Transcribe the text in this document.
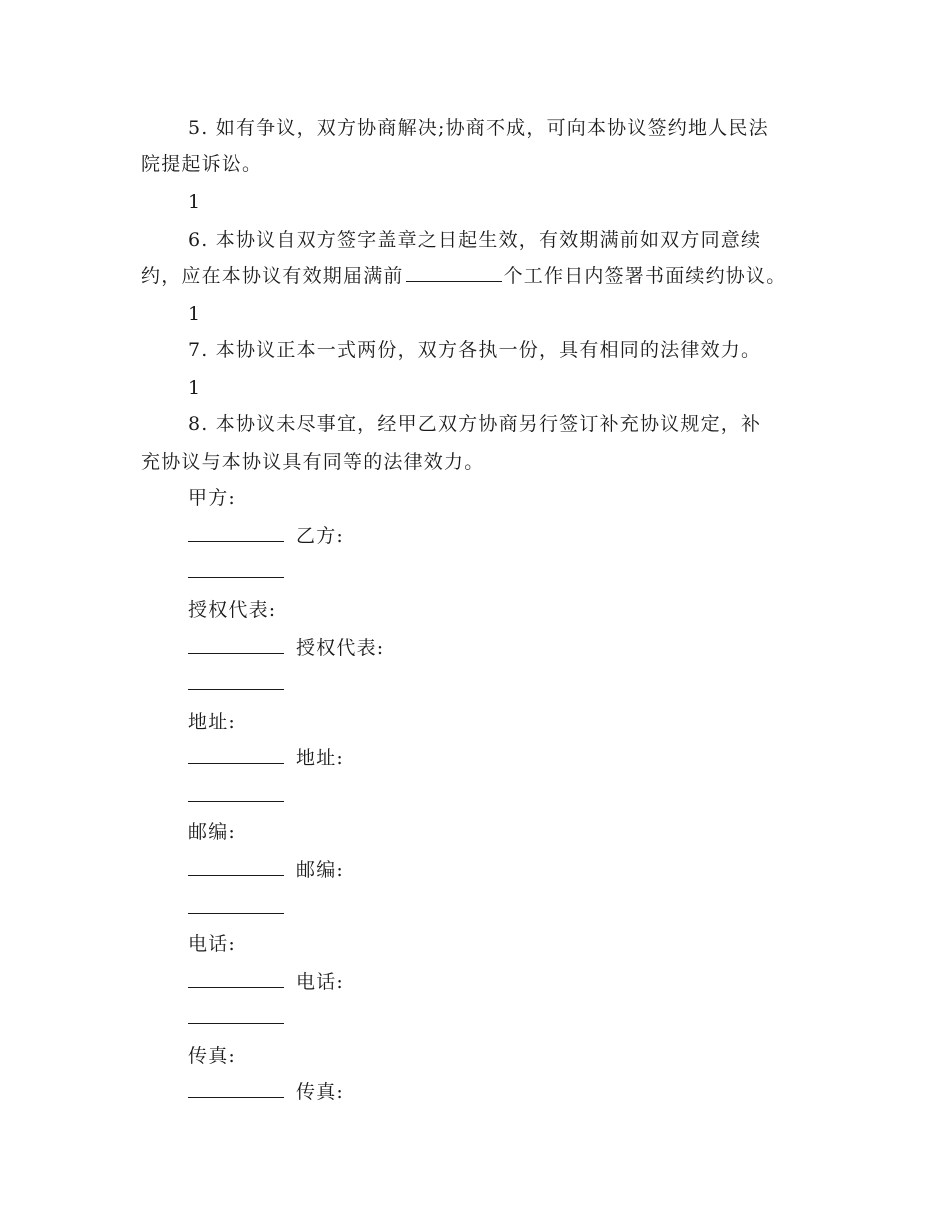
5. 如有争议，双方协商解决;协商不成，可向本协议签约地人民法
院提起诉讼。
1
6. 本协议自双方签字盖章之日起生效，有效期满前如双方同意续
约，应在本协议有效期届满前	个工作日内签署书面续约协议。
1
7. 本协议正本一式两份，双方各执一份，具有相同的法律效力。
1
8. 本协议未尽事宜，经甲乙双方协商另行签订补充协议规定，补
充协议与本协议具有同等的法律效力。
甲方:
乙方:
授权代表:
授权代表:
地址:
地址:
邮编:
邮编:
电话:
电话:
传真:
传真:
